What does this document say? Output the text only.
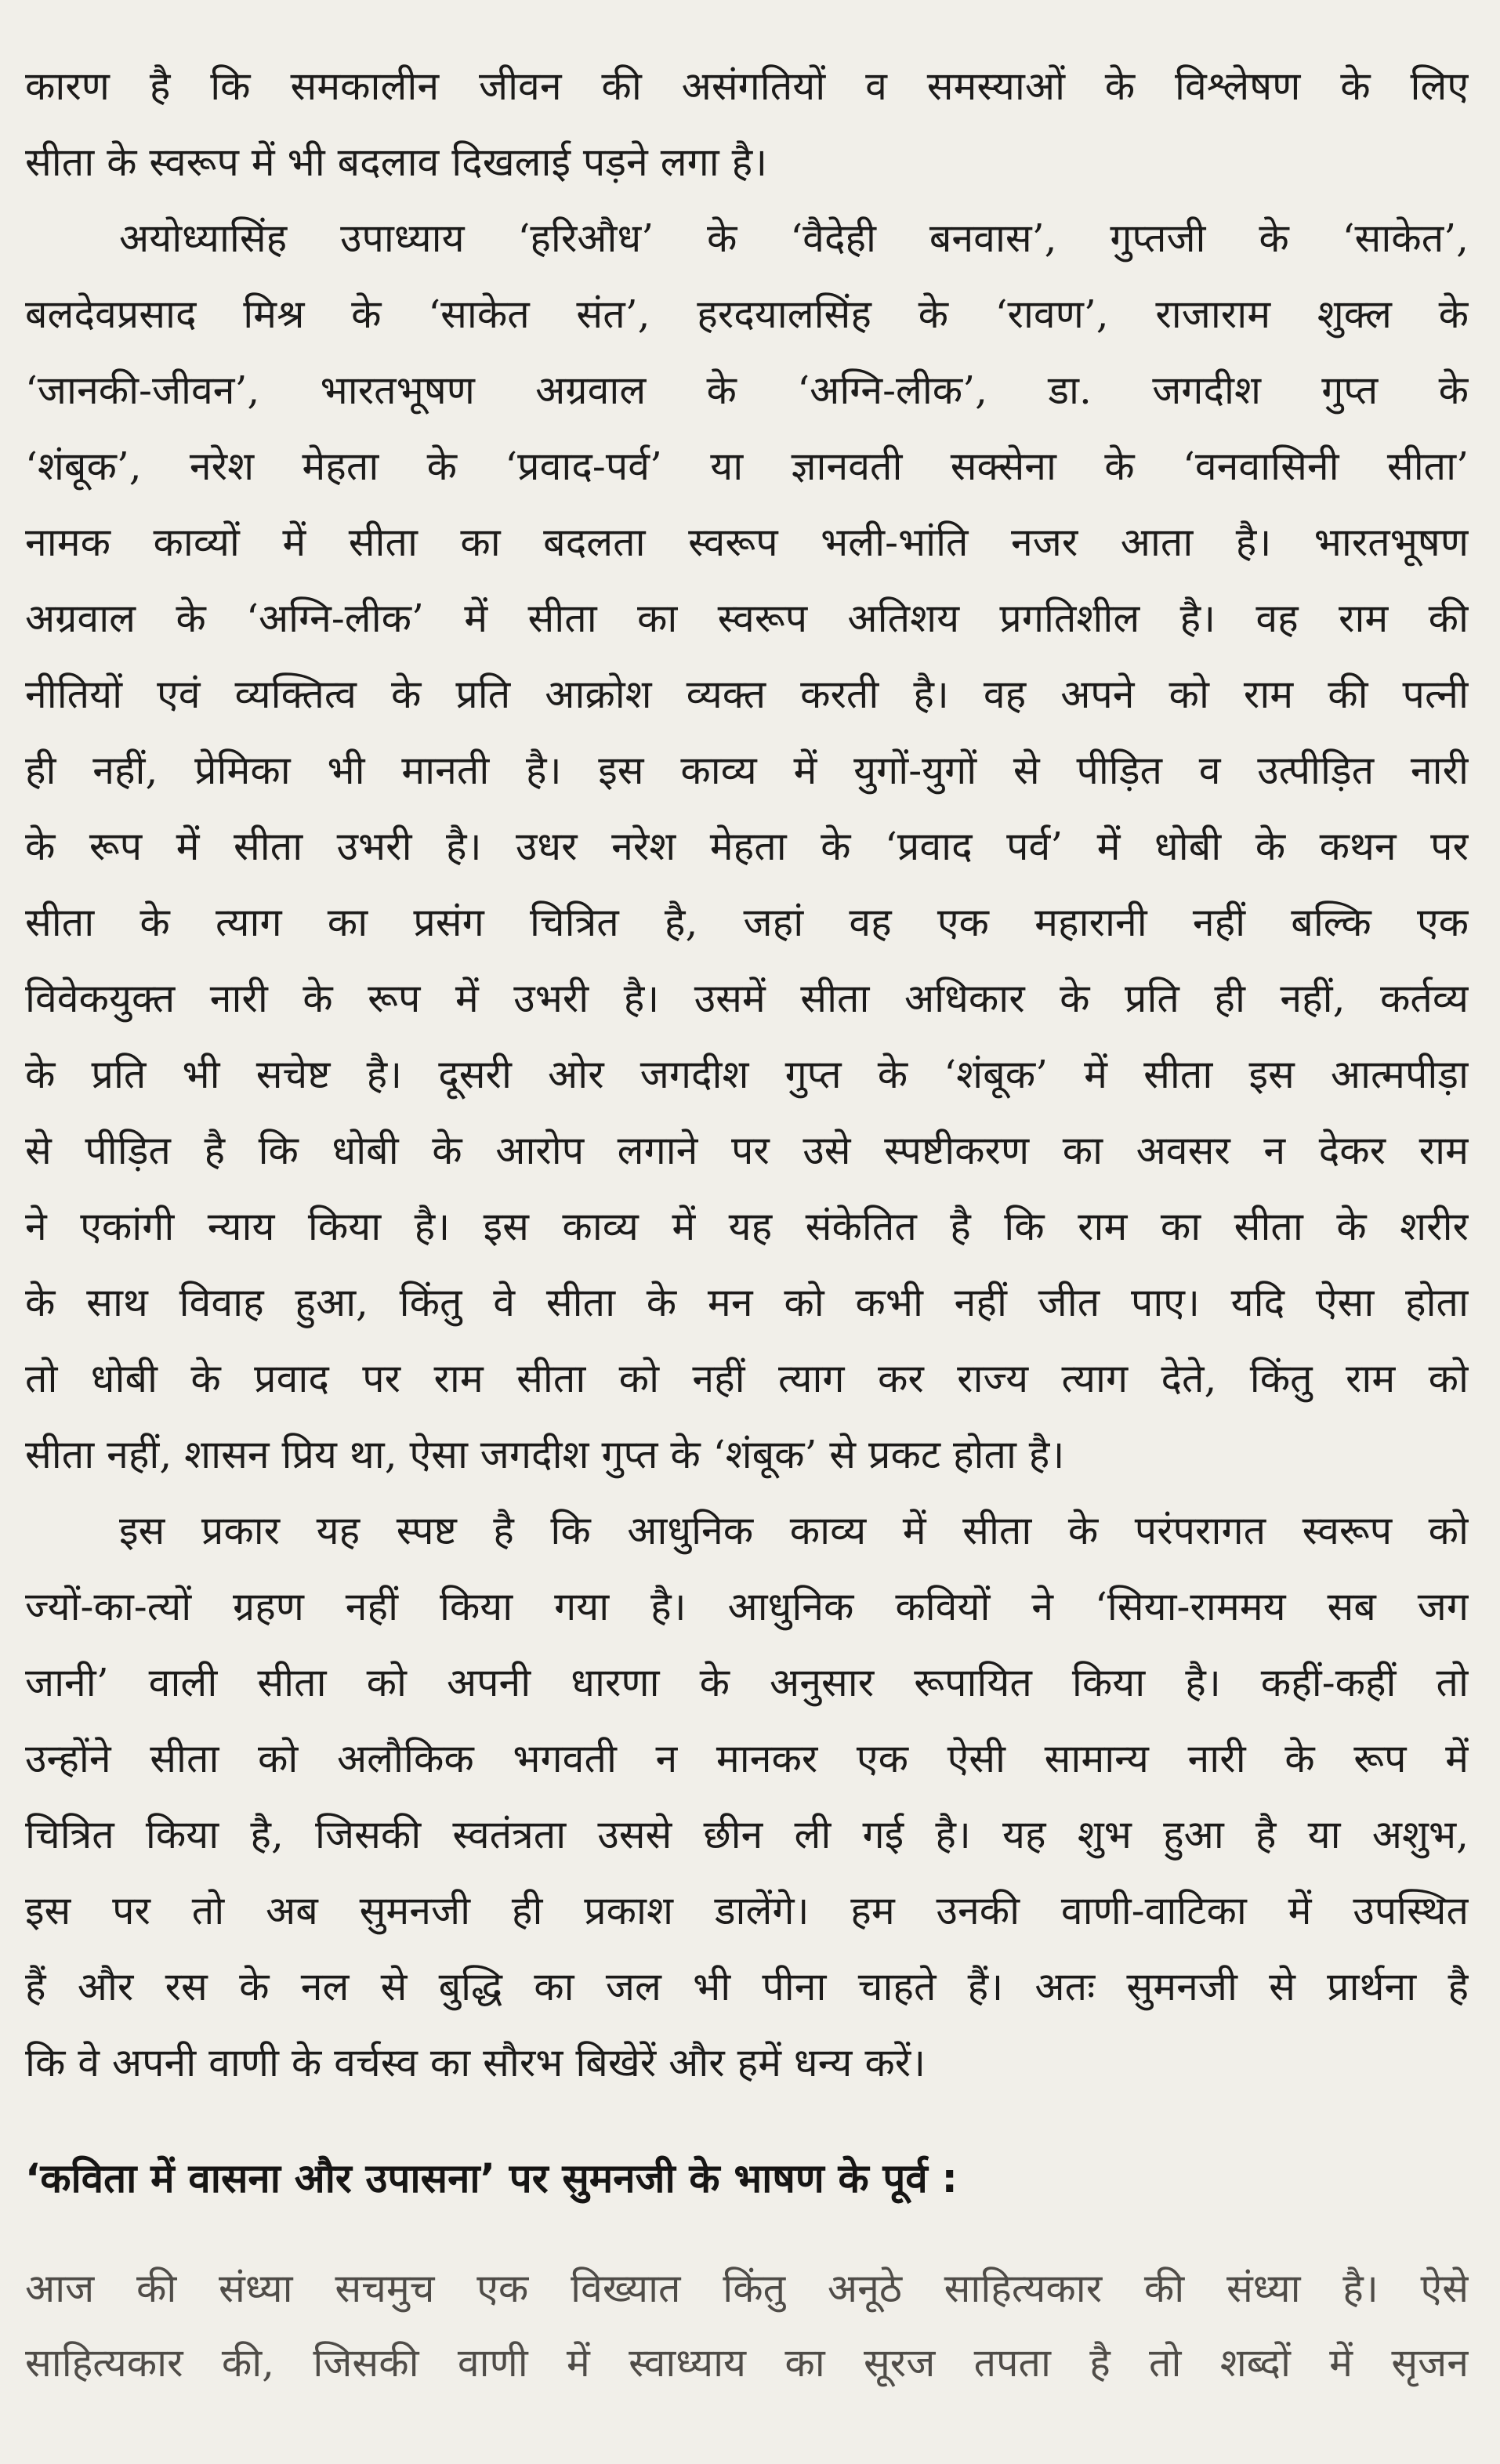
कारण है कि समकालीन जीवन की असंगतियों व समस्याओं के विश्लेषण के लिए
सीता के स्वरूप में भी बदलाव दिखलाई पड़ने लगा है।
अयोध्यासिंह उपाध्याय ‘हरिऔध’ के ‘वैदेही बनवास’, गुप्तजी के ‘साकेत’,
बलदेवप्रसाद मिश्र के ‘साकेत संत’, हरदयालसिंह के ‘रावण’, राजाराम शुक्ल के
‘जानकी-जीवन’, भारतभूषण अग्रवाल के ‘अग्नि-लीक’, डा. जगदीश गुप्त के
‘शंबूक’, नरेश मेहता के ‘प्रवाद-पर्व’ या ज्ञानवती सक्सेना के ‘वनवासिनी सीता’
नामक काव्यों में सीता का बदलता स्वरूप भली-भांति नजर आता है। भारतभूषण
अग्रवाल के ‘अग्नि-लीक’ में सीता का स्वरूप अतिशय प्रगतिशील है। वह राम की
नीतियों एवं व्यक्तित्व के प्रति आक्रोश व्यक्त करती है। वह अपने को राम की पत्नी
ही नहीं, प्रेमिका भी मानती है। इस काव्य में युगों-युगों से पीड़ित व उत्पीड़ित नारी
के रूप में सीता उभरी है। उधर नरेश मेहता के ‘प्रवाद पर्व’ में धोबी के कथन पर
सीता के त्याग का प्रसंग चित्रित है, जहां वह एक महारानी नहीं बल्कि एक
विवेकयुक्त नारी के रूप में उभरी है। उसमें सीता अधिकार के प्रति ही नहीं, कर्तव्य
के प्रति भी सचेष्ट है। दूसरी ओर जगदीश गुप्त के ‘शंबूक’ में सीता इस आत्मपीड़ा
से पीड़ित है कि धोबी के आरोप लगाने पर उसे स्पष्टीकरण का अवसर न देकर राम
ने एकांगी न्याय किया है। इस काव्य में यह संकेतित है कि राम का सीता के शरीर
के साथ विवाह हुआ, किंतु वे सीता के मन को कभी नहीं जीत पाए। यदि ऐसा होता
तो धोबी के प्रवाद पर राम सीता को नहीं त्याग कर राज्य त्याग देते, किंतु राम को
सीता नहीं, शासन प्रिय था, ऐसा जगदीश गुप्त के ‘शंबूक’ से प्रकट होता है।
इस प्रकार यह स्पष्ट है कि आधुनिक काव्य में सीता के परंपरागत स्वरूप को
ज्यों-का-त्यों ग्रहण नहीं किया गया है। आधुनिक कवियों ने ‘सिया-राममय सब जग
जानी’ वाली सीता को अपनी धारणा के अनुसार रूपायित किया है। कहीं-कहीं तो
उन्होंने सीता को अलौकिक भगवती न मानकर एक ऐसी सामान्य नारी के रूप में
चित्रित किया है, जिसकी स्वतंत्रता उससे छीन ली गई है। यह शुभ हुआ है या अशुभ,
इस पर तो अब सुमनजी ही प्रकाश डालेंगे। हम उनकी वाणी-वाटिका में उपस्थित
हैं और रस के नल से बुद्धि का जल भी पीना चाहते हैं। अतः सुमनजी से प्रार्थना है
कि वे अपनी वाणी के वर्चस्व का सौरभ बिखेरें और हमें धन्य करें।
‘कविता में वासना और उपासना’ पर सुमनजी के भाषण के पूर्व :
आज की संध्या सचमुच एक विख्यात किंतु अनूठे साहित्यकार की संध्या है। ऐसे
साहित्यकार की, जिसकी वाणी में स्वाध्याय का सूरज तपता है तो शब्दों में सृजन
